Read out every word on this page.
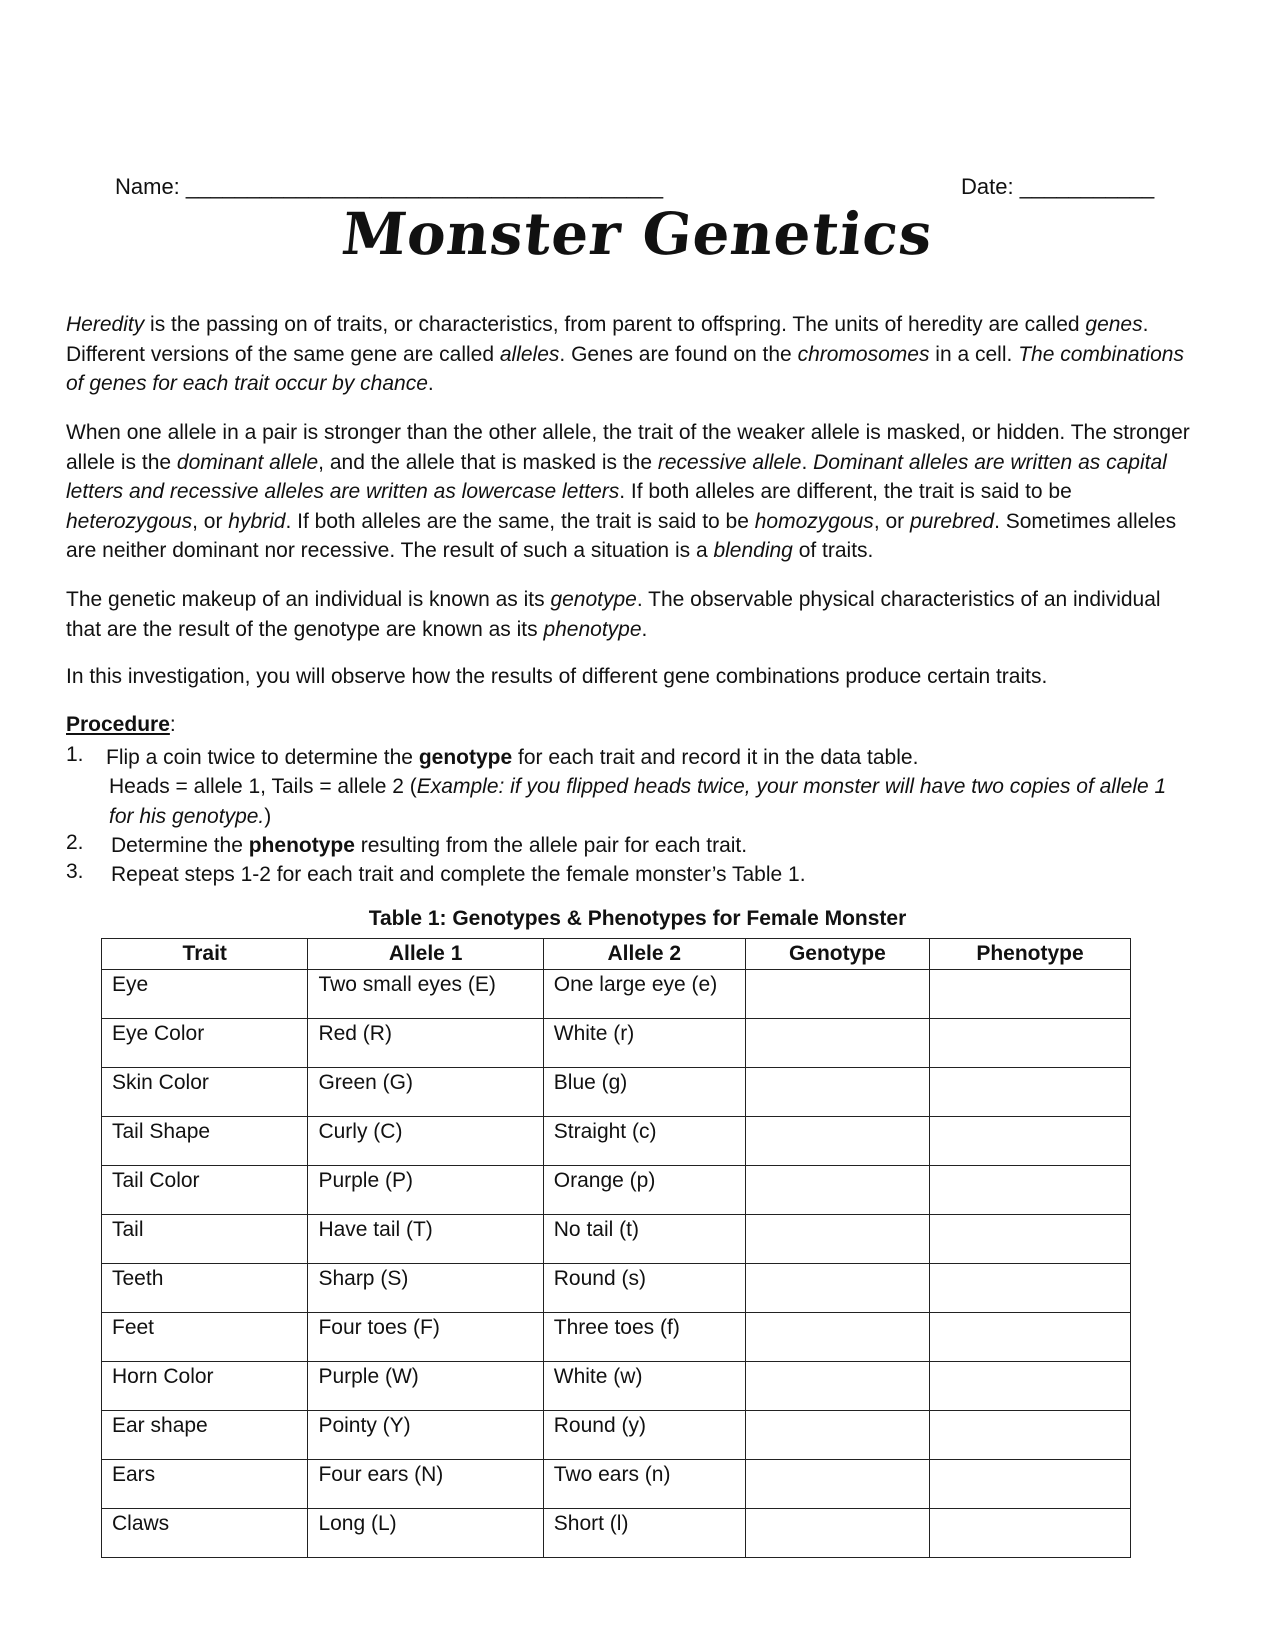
Name: _______________________________________	Date: ___________
Monster Genetics

Heredity is the passing on of traits, or characteristics, from parent to offspring. The units of heredity are called genes. Different versions of the same gene are called alleles. Genes are found on the chromosomes in a cell. The combinations of genes for each trait occur by chance.

When one allele in a pair is stronger than the other allele, the trait of the weaker allele is masked, or hidden. The stronger allele is the dominant allele, and the allele that is masked is the recessive allele. Dominant alleles are written as capital letters and recessive alleles are written as lowercase letters. If both alleles are different, the trait is said to be heterozygous, or hybrid. If both alleles are the same, the trait is said to be homozygous, or purebred. Sometimes alleles are neither dominant nor recessive. The result of such a situation is a blending of traits.

The genetic makeup of an individual is known as its genotype. The observable physical characteristics of an individual that are the result of the genotype are known as its phenotype.

In this investigation, you will observe how the results of different gene combinations produce certain traits.

Procedure:
1. Flip a coin twice to determine the genotype for each trait and record it in the data table.
Heads = allele 1, Tails = allele 2 (Example: if you flipped heads twice, your monster will have two copies of allele 1 for his genotype.)
2. Determine the phenotype resulting from the allele pair for each trait.
3. Repeat steps 1-2 for each trait and complete the female monster’s Table 1.
Table 1: Genotypes & Phenotypes for Female Monster
Trait	Allele 1	Allele 2	Genotype	Phenotype
Eye	Two small eyes (E)	One large eye (e)		
Eye Color	Red (R)	White (r)		
Skin Color	Green (G)	Blue (g)		
Tail Shape	Curly (C)	Straight (c)		
Tail Color	Purple (P)	Orange (p)		
Tail	Have tail (T)	No tail (t)		
Teeth	Sharp (S)	Round (s)		
Feet	Four toes (F)	Three toes (f)		
Horn Color	Purple (W)	White (w)		
Ear shape	Pointy (Y)	Round (y)		
Ears	Four ears (N)	Two ears (n)		
Claws	Long (L)	Short (l)		
